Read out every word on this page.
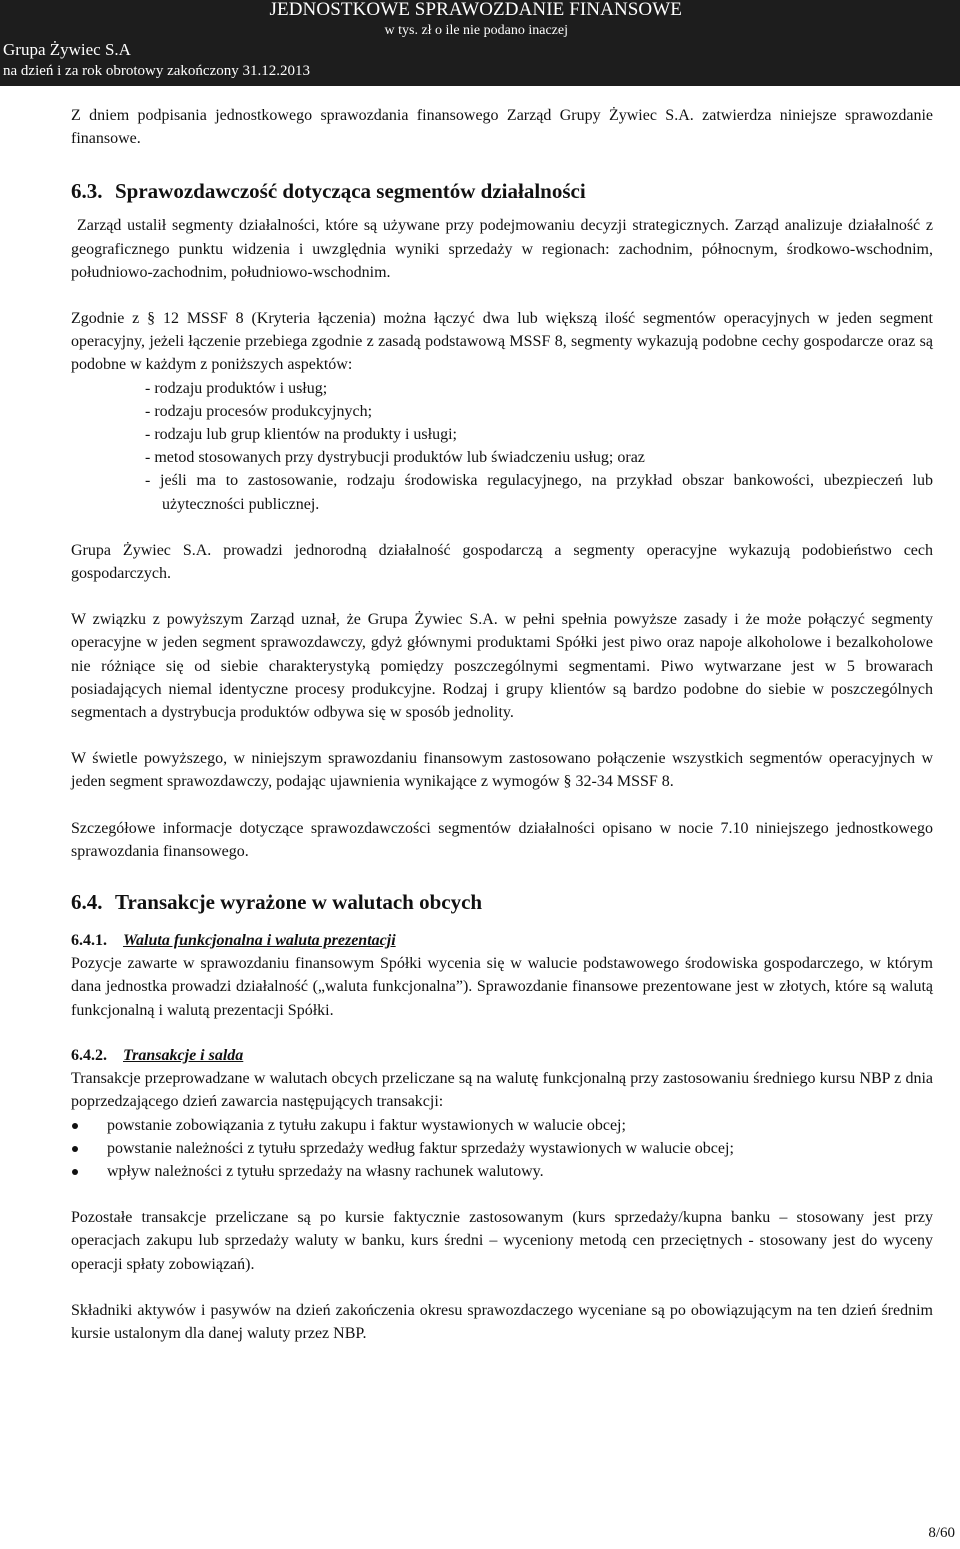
JEDNOSTKOWE SPRAWOZDANIE FINANSOWE
w tys. zł o ile nie podano inaczej
Grupa Żywiec S.A
na dzień i za rok obrotowy zakończony 31.12.2013

Z dniem podpisania jednostkowego sprawozdania finansowego Zarząd Grupy Żywiec S.A. zatwierdza niniejsze sprawozdanie finansowe.

6.3. Sprawozdawczość dotycząca segmentów działalności

Zarząd ustalił segmenty działalności, które są używane przy podejmowaniu decyzji strategicznych. Zarząd analizuje działalność z geograficznego punktu widzenia i uwzględnia wyniki sprzedaży w regionach: zachodnim, północnym, środkowo-wschodnim, południowo-zachodnim, południowo-wschodnim.

Zgodnie z § 12 MSSF 8 (Kryteria łączenia) można łączyć dwa lub większą ilość segmentów operacyjnych w jeden segment operacyjny, jeżeli łączenie przebiega zgodnie z zasadą podstawową MSSF 8, segmenty wykazują podobne cechy gospodarcze oraz są podobne w każdym z poniższych aspektów:

- rodzaju produktów i usług;
- rodzaju procesów produkcyjnych;
- rodzaju lub grup klientów na produkty i usługi;
- metod stosowanych przy dystrybucji produktów lub świadczeniu usług; oraz
- jeśli ma to zastosowanie, rodzaju środowiska regulacyjnego, na przykład obszar bankowości, ubezpieczeń lub użyteczności publicznej.

Grupa Żywiec S.A. prowadzi jednorodną działalność gospodarczą a segmenty operacyjne wykazują podobieństwo cech gospodarczych.

W związku z powyższym Zarząd uznał, że Grupa Żywiec S.A. w pełni spełnia powyższe zasady i że może połączyć segmenty operacyjne w jeden segment sprawozdawczy, gdyż głównymi produktami Spółki jest piwo oraz napoje alkoholowe i bezalkoholowe nie różniące się od siebie charakterystyką pomiędzy poszczególnymi segmentami. Piwo wytwarzane jest w 5 browarach posiadających niemal identyczne procesy produkcyjne. Rodzaj i grupy klientów są bardzo podobne do siebie w poszczególnych segmentach a dystrybucja produktów odbywa się w sposób jednolity.

W świetle powyższego, w niniejszym sprawozdaniu finansowym zastosowano połączenie wszystkich segmentów operacyjnych w jeden segment sprawozdawczy, podając ujawnienia wynikające z wymogów § 32-34 MSSF 8.

Szczegółowe informacje dotyczące sprawozdawczości segmentów działalności opisano w nocie 7.10 niniejszego jednostkowego sprawozdania finansowego.

6.4. Transakcje wyrażone w walutach obcych
6.4.1.	Waluta funkcjonalna i waluta prezentacji

Pozycje zawarte w sprawozdaniu finansowym Spółki wycenia się w walucie podstawowego środowiska gospodarczego, w którym dana jednostka prowadzi działalność („waluta funkcjonalna”). Sprawozdanie finansowe prezentowane jest w złotych, które są walutą funkcjonalną i walutą prezentacji Spółki.

6.4.2.	Transakcje i salda

Transakcje przeprowadzane w walutach obcych przeliczane są na walutę funkcjonalną przy zastosowaniu średniego kursu NBP z dnia poprzedzającego dzień zawarcia następujących transakcji:

powstanie zobowiązania z tytułu zakupu i faktur wystawionych w walucie obcej;
powstanie należności z tytułu sprzedaży według faktur sprzedaży wystawionych w walucie obcej;
wpływ należności z tytułu sprzedaży na własny rachunek walutowy.

Pozostałe transakcje przeliczane są po kursie faktycznie zastosowanym (kurs sprzedaży/kupna banku – stosowany jest przy operacjach zakupu lub sprzedaży waluty w banku, kurs średni – wyceniony metodą cen przeciętnych - stosowany jest do wyceny operacji spłaty zobowiązań).

Składniki aktywów i pasywów na dzień zakończenia okresu sprawozdaczego wyceniane są po obowiązującym na ten dzień średnim kursie ustalonym dla danej waluty przez NBP.

8/60
